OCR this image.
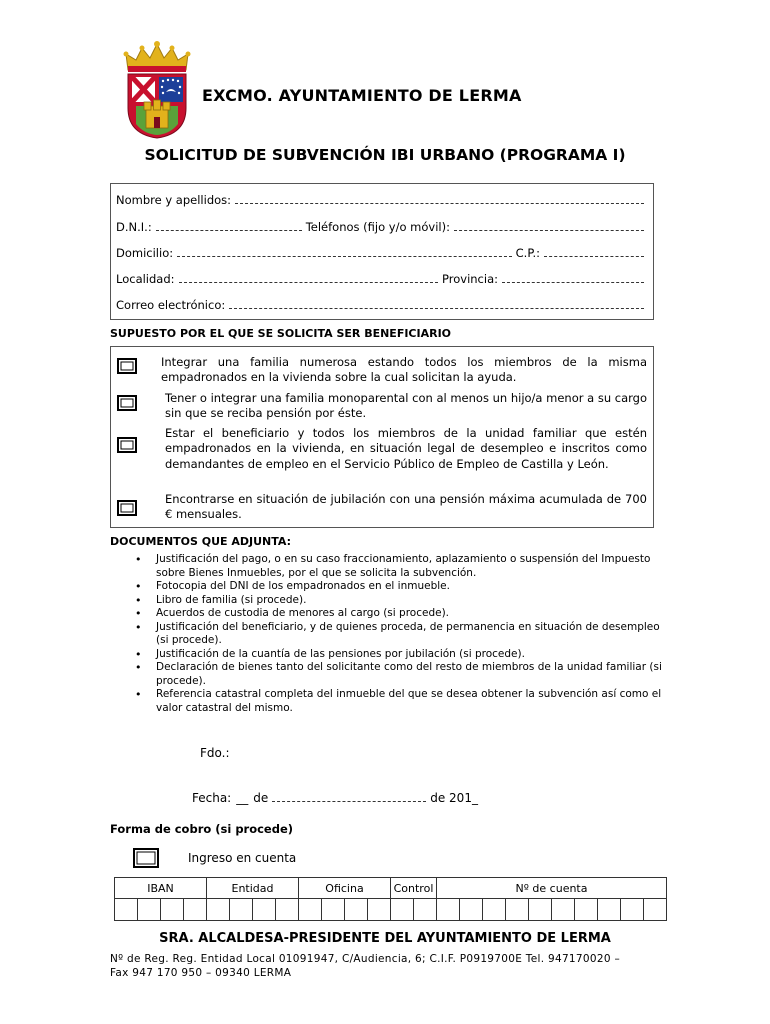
EXCMO. AYUNTAMIENTO DE LERMA
SOLICITUD DE SUBVENCIÓN IBI URBANO (PROGRAMA I)
Nombre y apellidos:
D.N.I.:	Teléfonos (fijo y/o móvil):
Domicilio:	C.P.:
Localidad:	Provincia:
Correo electrónico:
SUPUESTO POR EL QUE SE SOLICITA SER BENEFICIARIO
Integrar una familia numerosa estando todos los miembros de la misma empadronados en la vivienda sobre la cual solicitan la ayuda.
Tener o integrar una familia monoparental con al menos un hijo/a menor a su cargo sin que se reciba pensión por éste.
Estar el beneficiario y todos los miembros de la unidad familiar que estén empadronados en la vivienda, en situación legal de desempleo e inscritos como demandantes de empleo en el Servicio Público de Empleo de Castilla y León.
Encontrarse en situación de jubilación con una pensión máxima acumulada de 700 € mensuales.
DOCUMENTOS QUE ADJUNTA:
• Justificación del pago, o en su caso fraccionamiento, aplazamiento o suspensión del Impuesto sobre Bienes Inmuebles, por el que se solicita la subvención.
• Fotocopia del DNI de los empadronados en el inmueble.
• Libro de familia (si procede).
• Acuerdos de custodia de menores al cargo (si procede).
• Justificación del beneficiario, y de quienes proceda, de permanencia en situación de desempleo (si procede).
• Justificación de la cuantía de las pensiones por jubilación (si procede).
• Declaración de bienes tanto del solicitante como del resto de miembros de la unidad familiar (si procede).
• Referencia catastral completa del inmueble del que se desea obtener la subvención así como el valor catastral del mismo.
Fdo.:
Fecha: __ de	de 201_
Forma de cobro (si procede)
Ingreso en cuenta
IBAN				Entidad				Oficina				Control		Nº de cuenta									

SRA. ALCALDESA-PRESIDENTE DEL AYUNTAMIENTO DE LERMA
Nº de Reg. Reg. Entidad Local 01091947, C/Audiencia, 6; C.I.F. P0919700E Tel. 947170020 –
Fax 947 170 950 – 09340 LERMA
